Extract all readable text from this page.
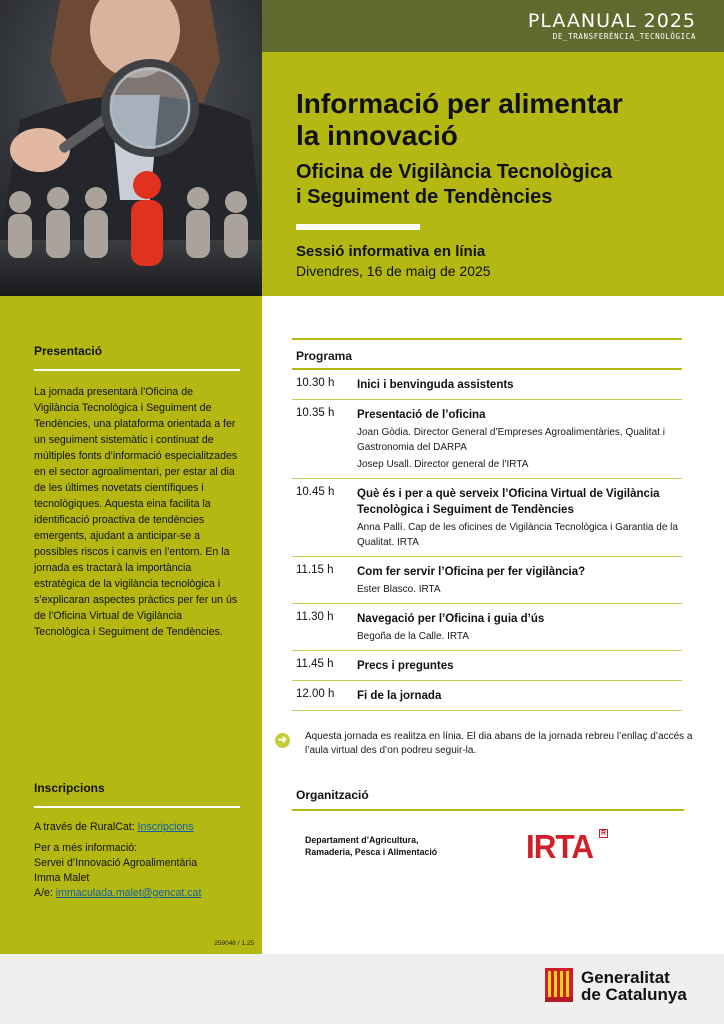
PLAANUAL 2025
DE_TRANSFERÈNCIA_TECNOLÒGICA
Informació per alimentar
la innovació
Oficina de Vigilància Tecnològica
i Seguiment de Tendències
Sessió informativa en línia
Divendres, 16 de maig de 2025
Presentació
La jornada presentarà l’Oficina de Vigilància Tecnològica i Seguiment de Tendències, una plataforma orientada a fer un seguiment sistemàtic i continuat de múltiples fonts d’informació especialitzades en el sector agroalimentari, per estar al dia de les últimes novetats científiques i tecnològiques. Aquesta eina facilita la identificació proactiva de tendències emergents, ajudant a anticipar-se a possibles riscos i canvis en l’entorn. En la jornada es tractarà la importància estratègica de la vigilància tecnològica i s’explicaran aspectes pràctics per fer un ús de l’Oficina Virtual de Vigilància Tecnològica i Seguiment de Tendències.
Inscripcions
A través de RuralCat: Inscripcions
Per a més informació:
Servei d’Innovació Agroalimentària
Imma Malet
A/e: immaculada.malet@gencat.cat
259048 / 1.25
Programa
10.30 h Inici i benvinguda assistents
10.35 h Presentació de l’oficina
Joan Gòdia. Director General d’Empreses Agroalimentàries, Qualitat i Gastronomia del DARPA
Josep Usall. Director general de l’IRTA
10.45 h Què és i per a què serveix l’Oficina Virtual de Vigilància Tecnològica i Seguiment de Tendències
Anna Pallí. Cap de les oficines de Vigilància Tecnològica i Garantia de la Qualitat. IRTA
11.15 h Com fer servir l’Oficina per fer vigilància?
Ester Blasco. IRTA
11.30 h Navegació per l’Oficina i guia d’ús
Begoña de la Calle. IRTA
11.45 h Precs i preguntes
12.00 h Fi de la jornada
➜ Aquesta jornada es realitza en línia. El dia abans de la jornada rebreu l’enllaç d’accés a l’aula virtual des d’on podreu seguir-la.
Organització
Departament d’Agricultura,
Ramaderia, Pesca i Alimentació	IRTA R
Generalitat
de Catalunya
